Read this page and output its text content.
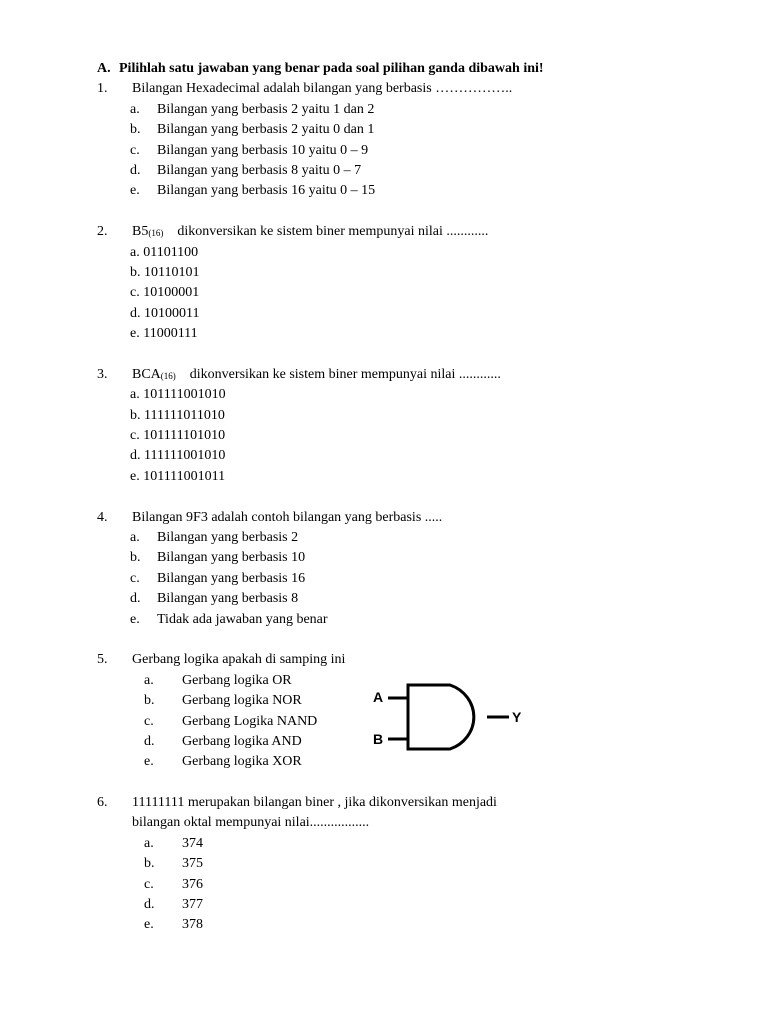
A. Pilihlah satu jawaban yang benar pada soal pilihan ganda dibawah ini!
1. Bilangan Hexadecimal adalah bilangan yang berbasis ……………..
a. Bilangan yang berbasis 2 yaitu 1 dan 2
b. Bilangan yang berbasis 2 yaitu 0 dan 1
c. Bilangan yang berbasis 10 yaitu 0 – 9
d. Bilangan yang berbasis 8 yaitu 0 – 7
e. Bilangan yang berbasis 16 yaitu 0 – 15
2. $B5_{(16)}$ dikonversikan ke sistem biner mempunyai nilai ............
a. 01101100
b. 10110101
c. 10100001
d. 10100011
e. 11000111
3. $BCA_{(16)}$ dikonversikan ke sistem biner mempunyai nilai ............
a. 101111001010
b. 111111011010
c. 101111101010
d. 111111001010
e. 101111001011
4. Bilangan 9F3 adalah contoh bilangan yang berbasis .....
a. Bilangan yang berbasis 2
b. Bilangan yang berbasis 10
c. Bilangan yang berbasis 16
d. Bilangan yang berbasis 8
e. Tidak ada jawaban yang benar
5. Gerbang logika apakah di samping ini
a. Gerbang logika OR
b. Gerbang logika NOR
c. Gerbang Logika NAND
d. Gerbang logika AND
e. Gerbang logika XOR
6. 11111111 merupakan bilangan biner , jika dikonversikan menjadi
bilangan oktal mempunyai nilai.................
a. 374
b. 375
c. 376
d. 377
e. 378
A
B
Y
